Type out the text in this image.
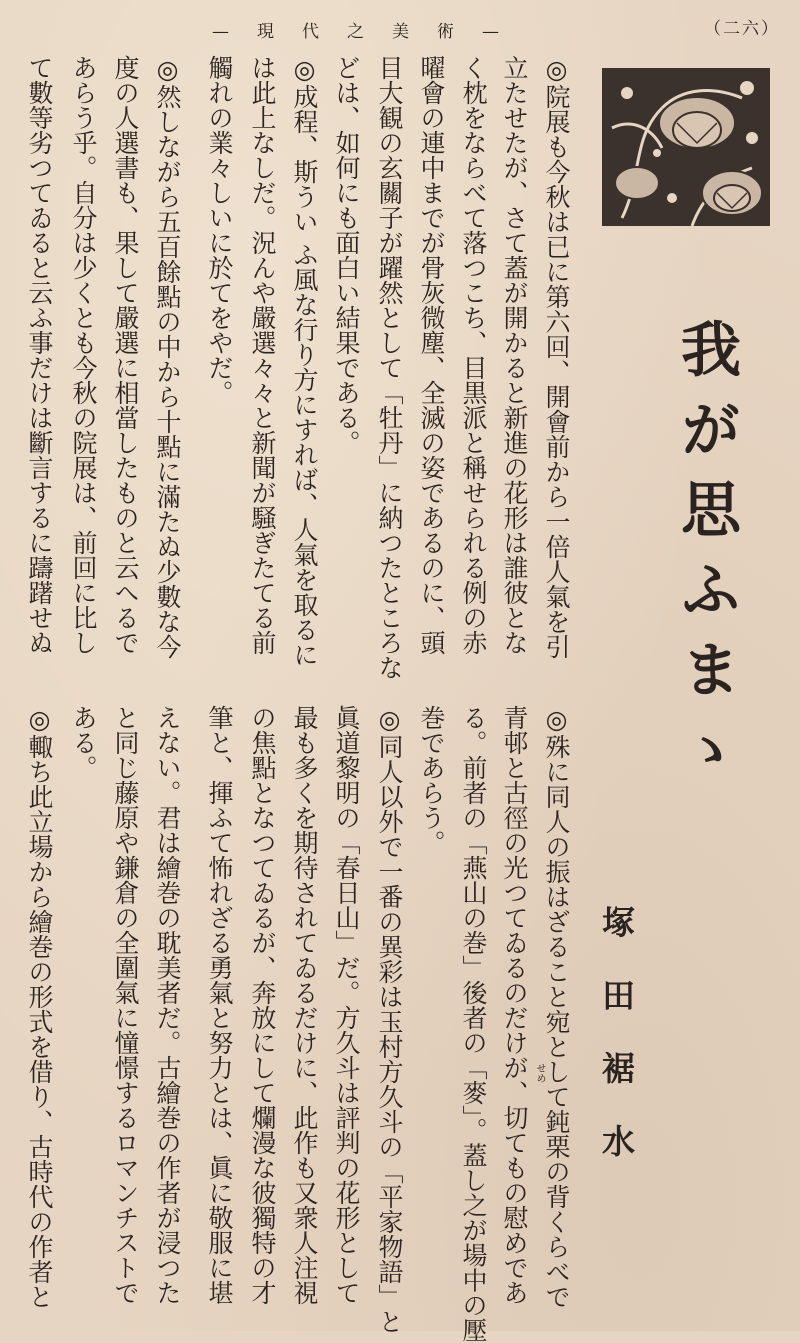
—現代之美術—	（二六）
我が思ふまゝ
塚田裾水
◎院展も今秋は已に第六回、開會前から一倍人氣を引
立たせたが、さて蓋が開かると新進の花形は誰彼とな
く枕をならべて落つこち、目黒派と稱せられる例の赤
曜會の連中までが骨灰微塵、全滅の姿であるのに、頭
目大観の玄關子が躍然として「牡丹」に納つたところな
どは、如何にも面白い結果である。
◎成程、斯うい ふ風な行り方にすれば、人氣を取るに
は此上なしだ。況んや嚴選々々と新聞が騒ぎたてる前
觸れの業々しいに於てをやだ。
◎然しながら五百餘點の中から十點に滿たぬ少數な今
度の人選書も、果して嚴選に相當したものと云へるで
あらう乎。自分は少くとも今秋の院展は、前回に比し
て數等劣つてゐると云ふ事だけは斷言するに躊躇せぬ
◎殊に同人の振はざること宛として鈍栗の背くらべで
青邨と古徑の光つてゐるのだけが、切てもの慰めであ
る。前者の「燕山の巻」後者の「麥」。蓋し之が場中の壓
巻であらう。
◎同人以外で一番の異彩は玉村方久斗の「平家物語」と
眞道黎明の「春日山」だ。方久斗は評判の花形として
最も多くを期待されてゐるだけに、此作も又衆人注視
の焦點となつてゐるが、奔放にして爛漫な彼獨特の才
筆と、揮ふて怖れざる勇氣と努力とは、眞に敬服に堪
えない。君は繪巻の耽美者だ。古繪巻の作者が浸つた
と同じ藤原や鎌倉の全圍氣に憧憬するロマンチストで
ある。
◎輙ち此立場から繪巻の形式を借り、古時代の作者と	せめ
